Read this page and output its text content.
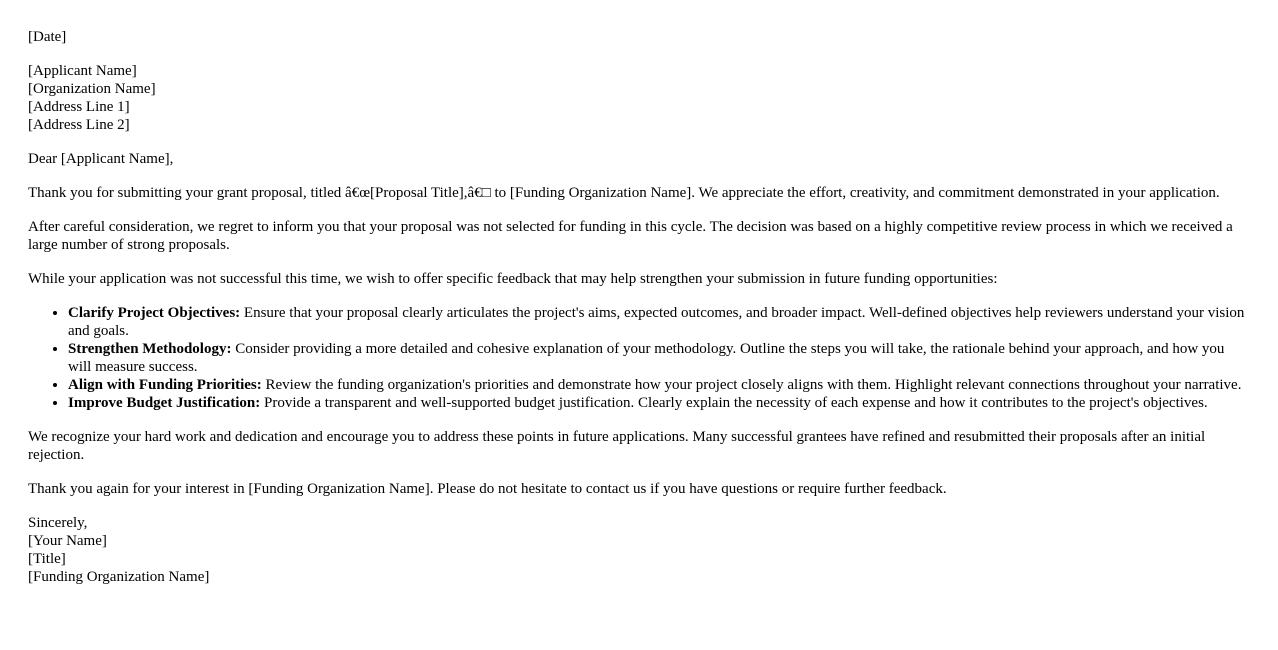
[Date]

[Applicant Name]
[Organization Name]
[Address Line 1]
[Address Line 2]

Dear [Applicant Name],

Thank you for submitting your grant proposal, titled â€œ[Proposal Title],â€□ to [Funding Organization Name]. We appreciate the effort, creativity, and commitment demonstrated in your application.

After careful consideration, we regret to inform you that your proposal was not selected for funding in this cycle. The decision was based on a highly competitive review process in which we received a large number of strong proposals.

While your application was not successful this time, we wish to offer specific feedback that may help strengthen your submission in future funding opportunities:

• Clarify Project Objectives: Ensure that your proposal clearly articulates the project's aims, expected outcomes, and broader impact. Well-defined objectives help reviewers understand your vision and goals.
• Strengthen Methodology: Consider providing a more detailed and cohesive explanation of your methodology. Outline the steps you will take, the rationale behind your approach, and how you will measure success.
• Align with Funding Priorities: Review the funding organization's priorities and demonstrate how your project closely aligns with them. Highlight relevant connections throughout your narrative.
• Improve Budget Justification: Provide a transparent and well-supported budget justification. Clearly explain the necessity of each expense and how it contributes to the project's objectives.

We recognize your hard work and dedication and encourage you to address these points in future applications. Many successful grantees have refined and resubmitted their proposals after an initial rejection.

Thank you again for your interest in [Funding Organization Name]. Please do not hesitate to contact us if you have questions or require further feedback.

Sincerely,
[Your Name]
[Title]
[Funding Organization Name]
